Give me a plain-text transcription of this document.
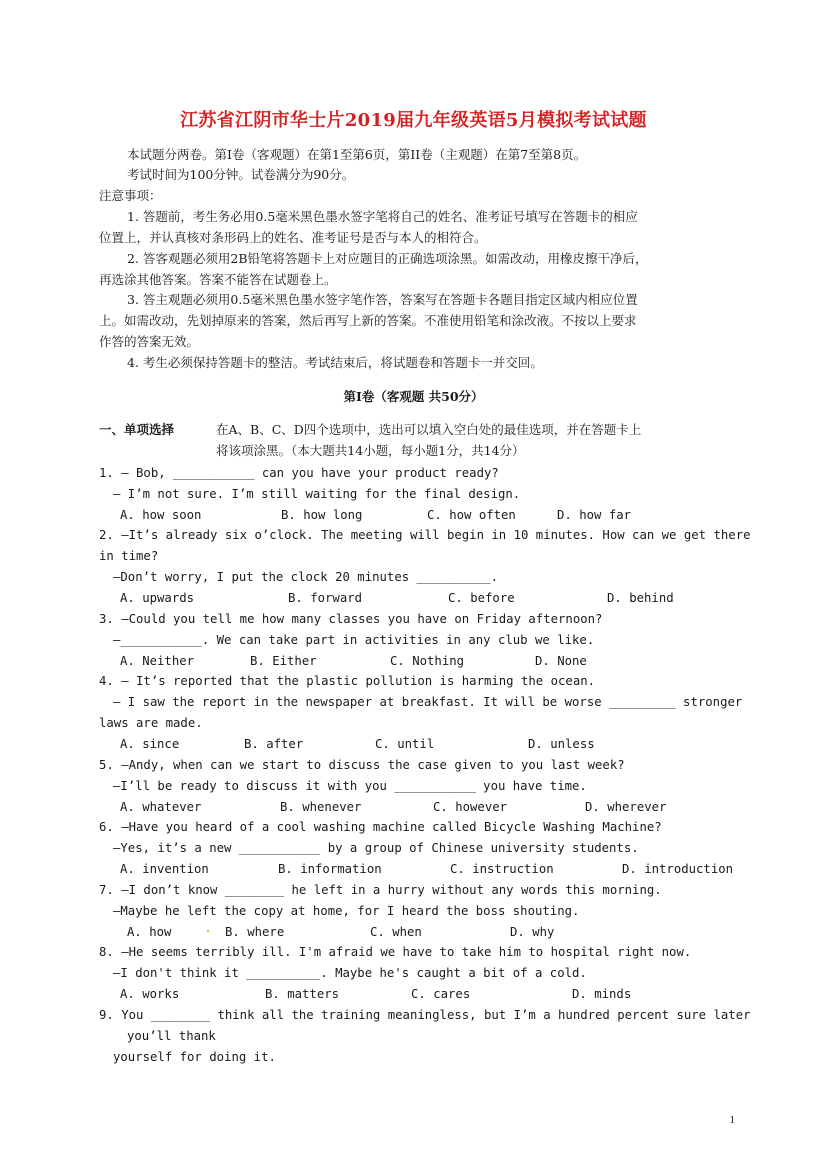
江苏省江阴市华士片2019届九年级英语5月模拟考试试题
本试题分两卷。第Ⅰ卷（客观题）在第1至第6页，第II卷（主观题）在第7至第8页。
考试时间为100分钟。试卷满分为90分。
注意事项：
1. 答题前，考生务必用0.5毫米黑色墨水签字笔将自己的姓名、准考证号填写在答题卡的相应
位置上，并认真核对条形码上的姓名、准考证号是否与本人的相符合。
2. 答客观题必须用2B铅笔将答题卡上对应题目的正确选项涂黑。如需改动，用橡皮擦干净后，
再选涂其他答案。答案不能答在试题卷上。
3. 答主观题必须用0.5毫米黑色墨水签字笔作答，答案写在答题卡各题目指定区域内相应位置
上。如需改动，先划掉原来的答案，然后再写上新的答案。不准使用铅笔和涂改液。不按以上要求
作答的答案无效。
4. 考生必须保持答题卡的整洁。考试结束后，将试题卷和答题卡一并交回。
第Ⅰ卷（客观题 共50分）
一、单项选择	在A、B、C、D四个选项中，选出可以填入空白处的最佳选项，并在答题卡上
将该项涂黑。（本大题共14小题，每小题1分，共14分）
1. — Bob, ___________ can you have your product ready?
— I’m not sure. I’m still waiting for the final design.
A. how soon	B. how long	C. how often	D. how far
2. —It’s already six o’clock. The meeting will begin in 10 minutes. How can we get there
in time?
—Don’t worry, I put the clock 20 minutes __________.
A. upwards	B. forward	C. before	D. behind
3. —Could you tell me how many classes you have on Friday afternoon?
—___________. We can take part in activities in any club we like.
A. Neither	B. Either	C. Nothing	D. None
4. — It’s reported that the plastic pollution is harming the ocean.
— I saw the report in the newspaper at breakfast. It will be worse _________ stronger
laws are made.
A. since	B. after	C. until	D. unless
5. —Andy, when can we start to discuss the case given to you last week?
—I’ll be ready to discuss it with you ___________ you have time.
A. whatever	B. whenever	C. however	D. wherever
6. —Have you heard of a cool washing machine called Bicycle Washing Machine?
—Yes, it’s a new ___________ by a group of Chinese university students.
A. invention	B. information	C. instruction	D. introduction
7. —I don’t know ________ he left in a hurry without any words this morning.
—Maybe he left the copy at home, for I heard the boss shouting.
A. how	B. where	C. when	D. why
8. —He seems terribly ill. I'm afraid we have to take him to hospital right now.
—I don't think it __________. Maybe he's caught a bit of a cold.
A. works	B. matters	C. cares	D. minds
9. You ________ think all the training meaningless, but I’m a hundred percent sure later
you’ll thank
yourself for doing it.
1
